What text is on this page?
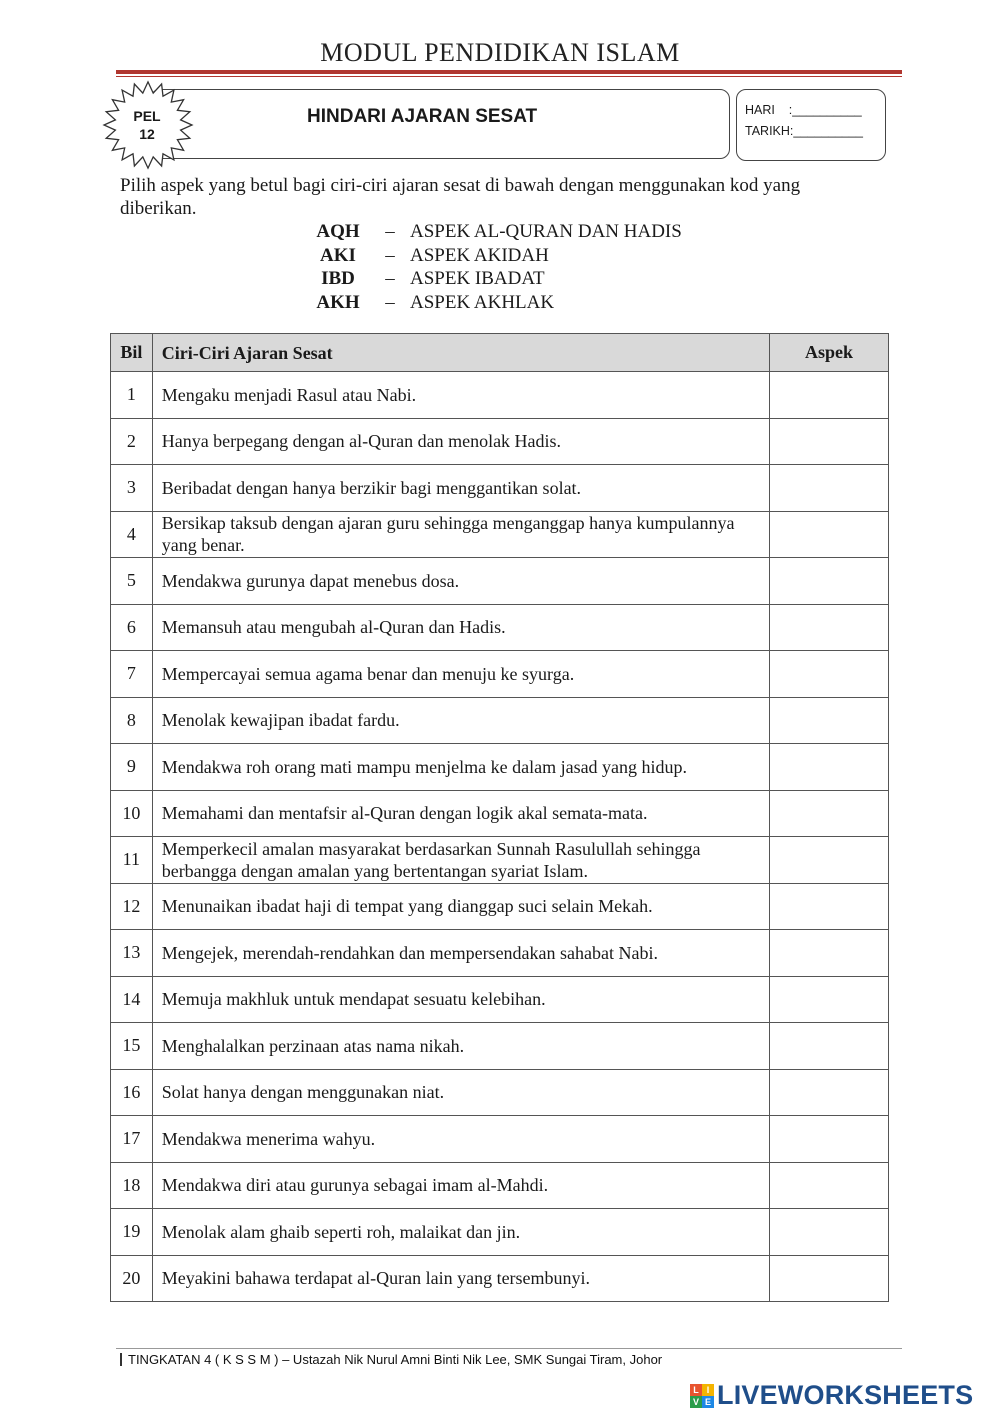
MODUL PENDIDIKAN ISLAM
PEL
12
HINDARI AJARAN SESAT	HARI    :__________
TARIKH:__________
Pilih aspek yang betul bagi ciri-ciri ajaran sesat di bawah dengan menggunakan kod yang diberikan.
AQH	– ASPEK AL-QURAN DAN HADIS
AKI	– ASPEK AKIDAH
IBD	– ASPEK IBADAT
AKH	– ASPEK AKHLAK
Bil	Ciri-Ciri Ajaran Sesat	Aspek
1	Mengaku menjadi Rasul atau Nabi.	
2	Hanya berpegang dengan al-Quran dan menolak Hadis.	
3	Beribadat dengan hanya berzikir bagi menggantikan solat.	
4	Bersikap taksub dengan ajaran guru sehingga menganggap hanya kumpulannya yang benar.	
5	Mendakwa gurunya dapat menebus dosa.	
6	Memansuh atau mengubah al-Quran dan Hadis.	
7	Mempercayai semua agama benar dan menuju ke syurga.	
8	Menolak kewajipan ibadat fardu.	
9	Mendakwa roh orang mati mampu menjelma ke dalam jasad yang hidup.	
10	Memahami dan mentafsir al-Quran dengan logik akal semata-mata.	
11	Memperkecil amalan masyarakat berdasarkan Sunnah Rasulullah sehingga berbangga dengan amalan yang bertentangan syariat Islam.	
12	Menunaikan ibadat haji di tempat yang dianggap suci selain Mekah.	
13	Mengejek, merendah-rendahkan dan mempersendakan sahabat Nabi.	
14	Memuja makhluk untuk mendapat sesuatu kelebihan.	
15	Menghalalkan perzinaan atas nama nikah.	
16	Solat hanya dengan menggunakan niat.	
17	Mendakwa menerima wahyu.	
18	Mendakwa diri atau gurunya sebagai imam al-Mahdi.	
19	Menolak alam ghaib seperti roh, malaikat dan jin.	
20	Meyakini bahawa terdapat al-Quran lain yang tersembunyi.	
TINGKATAN 4 ( K S S M ) – Ustazah Nik Nurul Amni Binti Nik Lee, SMK Sungai Tiram, Johor
L I
V E LIVEWORKSHEETS
